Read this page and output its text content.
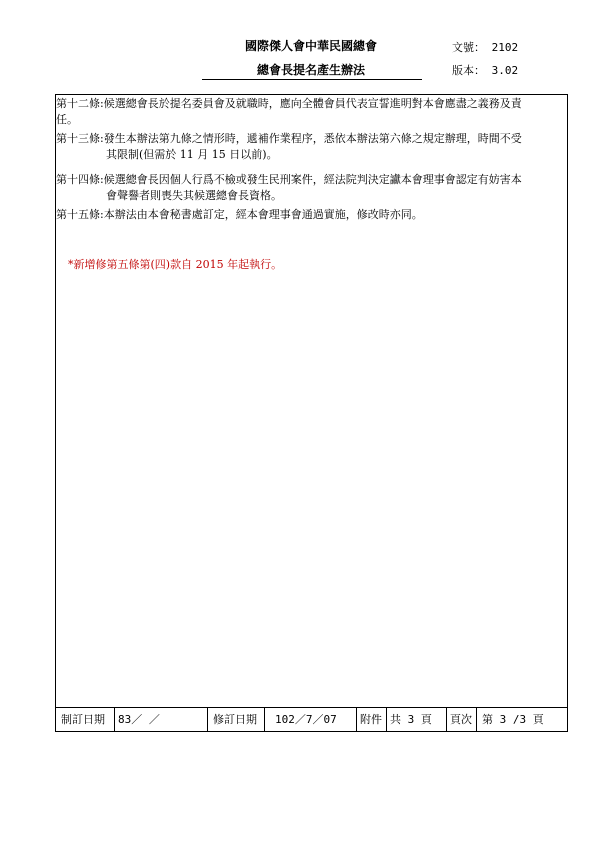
國際傑人會中華民國總會
總會長提名產生辦法
文號： 2102
版本： 3.02
第十二條:候選總會長於提名委員會及就職時，應向全體會員代表宣誓進明對本會應盡之義務及責
任。
第十三條:發生本辦法第九條之情形時，遞補作業程序，悉依本辦法第六條之規定辦理，時間不受
其限制(但需於 11 月 15 日以前)。
第十四條:候選總會長因個人行爲不檢或發生民刑案件，經法院判決定讞本會理事會認定有妨害本
會聲譽者則喪失其候選總會長資格。
第十五條:本辦法由本會秘書處訂定，經本會理事會通過實施，修改時亦同。
*新增修第五條第(四)款自 2015 年起執行。
制訂日期	83／ ／	修訂日期	102／7／07	附件 共 3 頁	頁次 第 3 /3 頁
